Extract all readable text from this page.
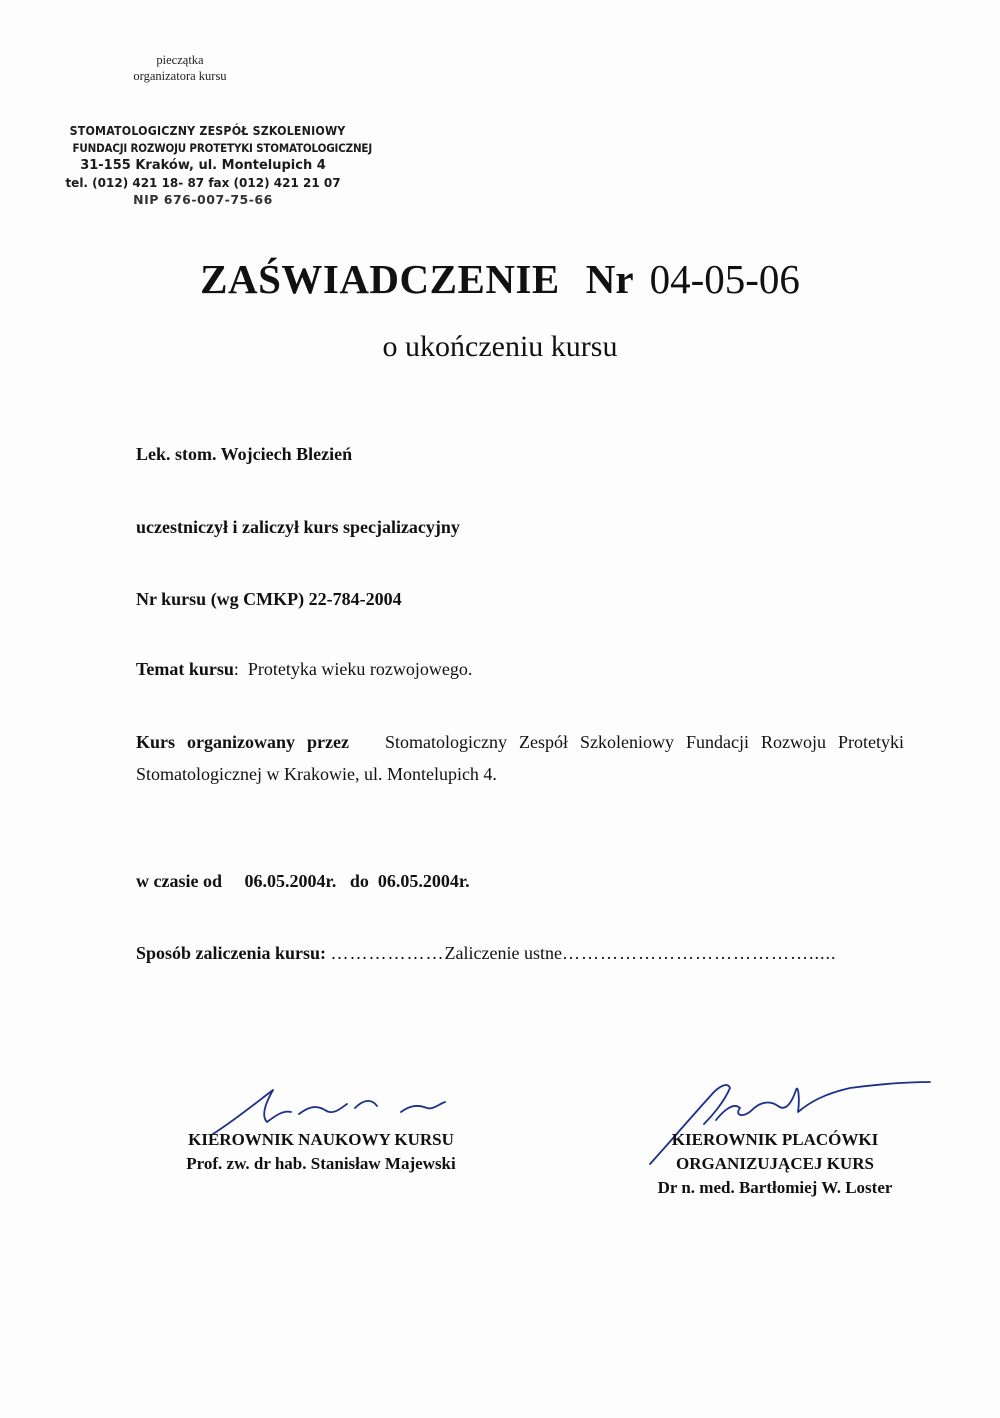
pieczątka
organizatora kursu
STOMATOLOGICZNY ZESPÓŁ SZKOLENIOWY
FUNDACJI ROZWOJU PROTETYKI STOMATOLOGICZNEJ
31-155 Kraków, ul. Montelupich 4
tel. (012) 421 18- 87 fax (012) 421 21 07
NIP 676-007-75-66
ZAŚWIADCZENIE Nr 04-05-06
o ukończeniu kursu
Lek. stom. Wojciech Blezień
uczestniczył i zaliczył kurs specjalizacyjny
Nr kursu (wg CMKP) 22-784-2004
Temat kursu: Protetyka wieku rozwojowego.
Kurs organizowany przez Stomatologiczny Zespół Szkoleniowy Fundacji Rozwoju Protetyki Stomatologicznej w Krakowie, ul. Montelupich 4.
w czasie od 06.05.2004r. do 06.05.2004r.
Sposób zaliczenia kursu: ………………Zaliczenie ustne………………………………….....
KIEROWNIK NAUKOWY KURSU
Prof. zw. dr hab. Stanisław Majewski
KIEROWNIK PLACÓWKI
ORGANIZUJĄCEJ KURS
Dr n. med. Bartłomiej W. Loster
